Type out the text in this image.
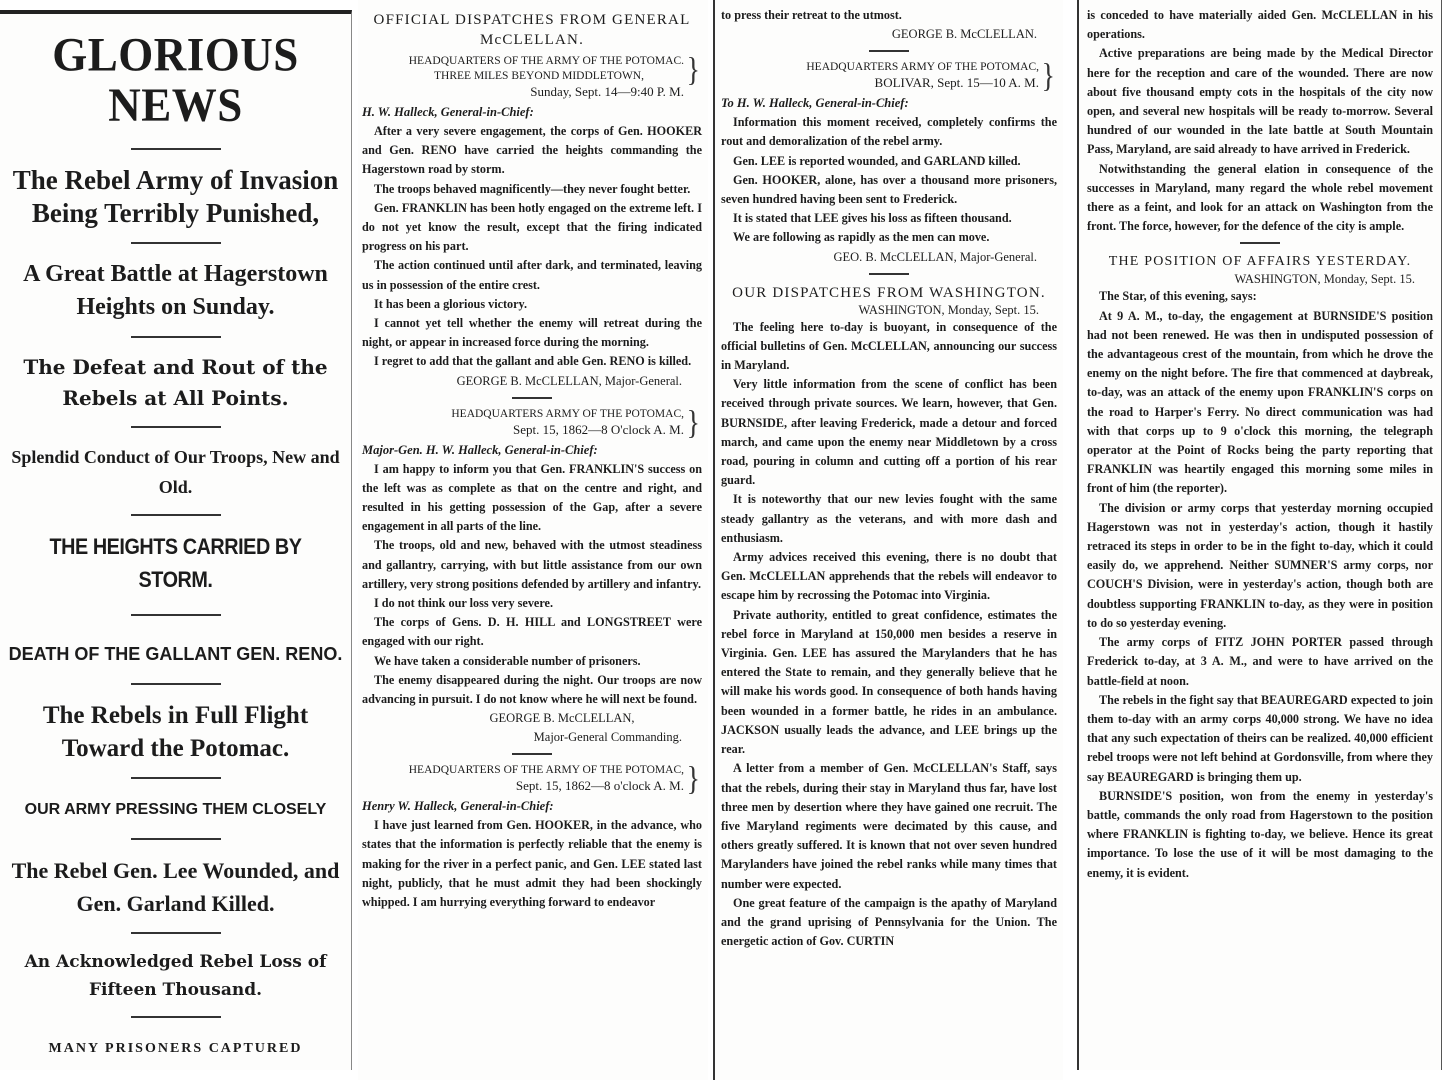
GLORIOUS NEWS
The Rebel Army of Invasion Being Terribly Punished,
A Great Battle at Hagerstown Heights on Sunday.
The Defeat and Rout of the Rebels at All Points.
Splendid Conduct of Our Troops, New and Old.
THE HEIGHTS CARRIED BY STORM.
DEATH OF THE GALLANT GEN. RENO.
The Rebels in Full Flight Toward the Potomac.
OUR ARMY PRESSING THEM CLOSELY
The Rebel Gen. Lee Wounded, and Gen. Garland Killed.
An Acknowledged Rebel Loss of Fifteen Thousand.
MANY PRISONERS CAPTURED
OFFICIAL DISPATCHES FROM GENERAL McCLELLAN.
HEADQUARTERS OF THE ARMY OF THE POTOMAC.
THREE MILES BEYOND MIDDLETOWN,
Sunday, Sept. 14—9:40 P. M.
}
H. W. Halleck, General-in-Chief:
After a very severe engagement, the corps of Gen. HOOKER and Gen. RENO have carried the heights commanding the Hagerstown road by storm.
The troops behaved magnificently—they never fought better.
Gen. FRANKLIN has been hotly engaged on the extreme left. I do not yet know the result, except that the firing indicated progress on his part.
The action continued until after dark, and terminated, leaving us in possession of the entire crest.
It has been a glorious victory.
I cannot yet tell whether the enemy will retreat during the night, or appear in increased force during the morning.
I regret to add that the gallant and able Gen. RENO is killed.
GEORGE B. McCLELLAN, Major-General.
HEADQUARTERS ARMY OF THE POTOMAC,
Sept. 15, 1862—8 O'clock A. M.
}
Major-Gen. H. W. Halleck, General-in-Chief:
I am happy to inform you that Gen. FRANKLIN'S success on the left was as complete as that on the centre and right, and resulted in his getting possession of the Gap, after a severe engagement in all parts of the line.
The troops, old and new, behaved with the utmost steadiness and gallantry, carrying, with but little assistance from our own artillery, very strong positions defended by artillery and infantry.
I do not think our loss very severe.
The corps of Gens. D. H. HILL and LONGSTREET were engaged with our right.
We have taken a considerable number of prisoners.
The enemy disappeared during the night. Our troops are now advancing in pursuit. I do not know where he will next be found.
GEORGE B. McCLELLAN,
Major-General Commanding.
HEADQUARTERS OF THE ARMY OF THE POTOMAC,
Sept. 15, 1862—8 o'clock A. M.
}
Henry W. Halleck, General-in-Chief:
I have just learned from Gen. HOOKER, in the advance, who states that the information is perfectly reliable that the enemy is making for the river in a perfect panic, and Gen. LEE stated last night, publicly, that he must admit they had been shockingly whipped. I am hurrying everything forward to endeavor
to press their retreat to the utmost.
GEORGE B. McCLELLAN.
HEADQUARTERS ARMY OF THE POTOMAC,
BOLIVAR, Sept. 15—10 A. M.
}
To H. W. Halleck, General-in-Chief:
Information this moment received, completely confirms the rout and demoralization of the rebel army.
Gen. LEE is reported wounded, and GARLAND killed.
Gen. HOOKER, alone, has over a thousand more prisoners, seven hundred having been sent to Frederick.
It is stated that LEE gives his loss as fifteen thousand.
We are following as rapidly as the men can move.
GEO. B. McCLELLAN, Major-General.
OUR DISPATCHES FROM WASHINGTON.
WASHINGTON, Monday, Sept. 15.
The feeling here to-day is buoyant, in consequence of the official bulletins of Gen. McCLELLAN, announcing our success in Maryland.
Very little information from the scene of conflict has been received through private sources. We learn, however, that Gen. BURNSIDE, after leaving Frederick, made a detour and forced march, and came upon the enemy near Middletown by a cross road, pouring in column and cutting off a portion of his rear guard.
It is noteworthy that our new levies fought with the same steady gallantry as the veterans, and with more dash and enthusiasm.
Army advices received this evening, there is no doubt that Gen. McCLELLAN apprehends that the rebels will endeavor to escape him by recrossing the Potomac into Virginia.
Private authority, entitled to great confidence, estimates the rebel force in Maryland at 150,000 men besides a reserve in Virginia. Gen. LEE has assured the Marylanders that he has entered the State to remain, and they generally believe that he will make his words good. In consequence of both hands having been wounded in a former battle, he rides in an ambulance. JACKSON usually leads the advance, and LEE brings up the rear.
A letter from a member of Gen. McCLELLAN's Staff, says that the rebels, during their stay in Maryland thus far, have lost three men by desertion where they have gained one recruit. The five Maryland regiments were decimated by this cause, and others greatly suffered. It is known that not over seven hundred Marylanders have joined the rebel ranks while many times that number were expected.
One great feature of the campaign is the apathy of Maryland and the grand uprising of Pennsylvania for the Union. The energetic action of Gov. CURTIN
is conceded to have materially aided Gen. McCLELLAN in his operations.
Active preparations are being made by the Medical Director here for the reception and care of the wounded. There are now about five thousand empty cots in the hospitals of the city now open, and several new hospitals will be ready to-morrow. Several hundred of our wounded in the late battle at South Mountain Pass, Maryland, are said already to have arrived in Frederick.
Notwithstanding the general elation in consequence of the successes in Maryland, many regard the whole rebel movement there as a feint, and look for an attack on Washington from the front. The force, however, for the defence of the city is ample.
THE POSITION OF AFFAIRS YESTERDAY.
WASHINGTON, Monday, Sept. 15.
The Star, of this evening, says:
At 9 A. M., to-day, the engagement at BURNSIDE'S position had not been renewed. He was then in undisputed possession of the advantageous crest of the mountain, from which he drove the enemy on the night before. The fire that commenced at daybreak, to-day, was an attack of the enemy upon FRANKLIN'S corps on the road to Harper's Ferry. No direct communication was had with that corps up to 9 o'clock this morning, the telegraph operator at the Point of Rocks being the party reporting that FRANKLIN was heartily engaged this morning some miles in front of him (the reporter).
The division or army corps that yesterday morning occupied Hagerstown was not in yesterday's action, though it hastily retraced its steps in order to be in the fight to-day, which it could easily do, we apprehend. Neither SUMNER'S army corps, nor COUCH'S Division, were in yesterday's action, though both are doubtless supporting FRANKLIN to-day, as they were in position to do so yesterday evening.
The army corps of FITZ JOHN PORTER passed through Frederick to-day, at 3 A. M., and were to have arrived on the battle-field at noon.
The rebels in the fight say that BEAUREGARD expected to join them to-day with an army corps 40,000 strong. We have no idea that any such expectation of theirs can be realized. 40,000 efficient rebel troops were not left behind at Gordonsville, from where they say BEAUREGARD is bringing them up.
BURNSIDE'S position, won from the enemy in yesterday's battle, commands the only road from Hagerstown to the position where FRANKLIN is fighting to-day, we believe. Hence its great importance. To lose the use of it will be most damaging to the enemy, it is evident.
